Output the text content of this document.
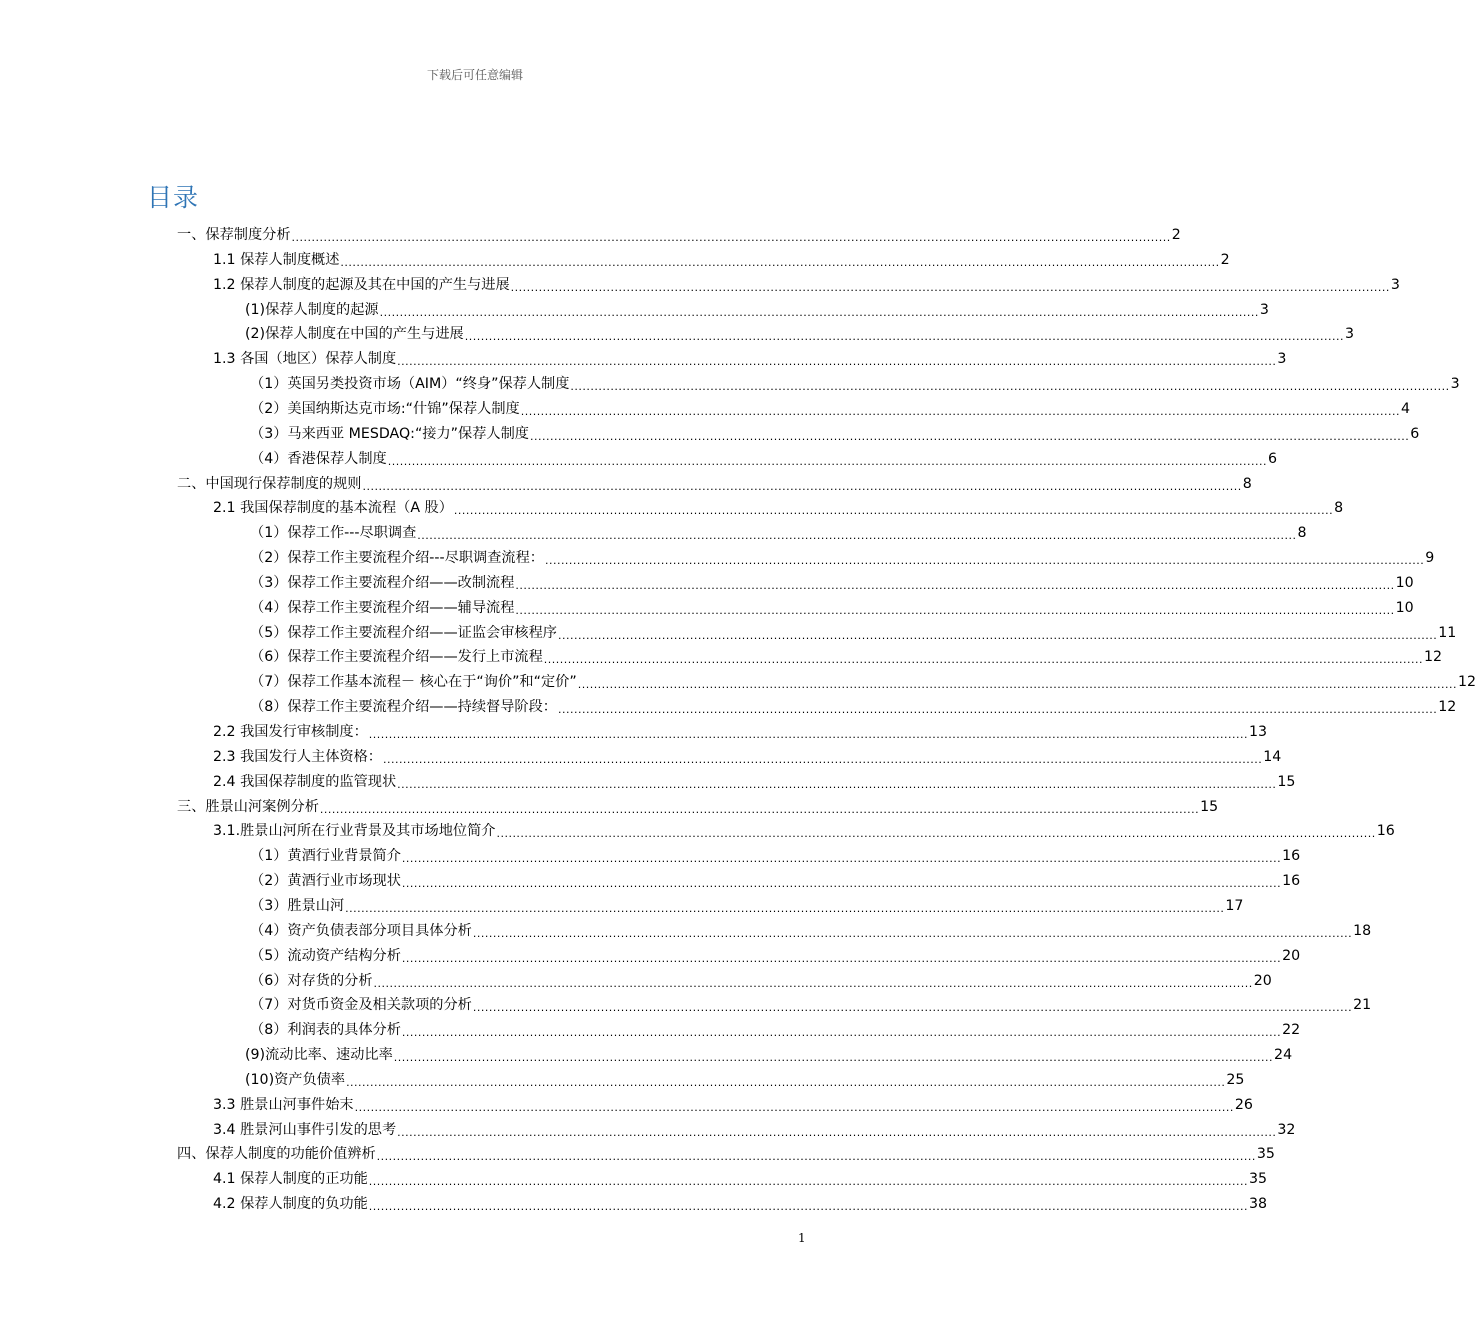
下载后可任意编辑
目录
一、保荐制度分析 ............................................................................................................................................................................................................................ 2
1.1 保荐人制度概述 ............................................................................................................................................................................................................................ 2
1.2 保荐人制度的起源及其在中国的产生与进展 ............................................................................................................................................................................................................................ 3
(1)保荐人制度的起源 ............................................................................................................................................................................................................................ 3
(2)保荐人制度在中国的产生与进展 ............................................................................................................................................................................................................................ 3
1.3 各国（地区）保荐人制度 ............................................................................................................................................................................................................................ 3
（1）英国另类投资市场（AIM）“终身”保荐人制度 ............................................................................................................................................................................................................................ 3
（2）美国纳斯达克市场:“什锦”保荐人制度 ............................................................................................................................................................................................................................ 4
（3）马来西亚 MESDAQ:“接力”保荐人制度 ............................................................................................................................................................................................................................ 6
（4）香港保荐人制度 ............................................................................................................................................................................................................................ 6
二、中国现行保荐制度的规则 ............................................................................................................................................................................................................................ 8
2.1 我国保荐制度的基本流程（A 股） ............................................................................................................................................................................................................................ 8
（1）保荐工作---尽职调查 ............................................................................................................................................................................................................................ 8
（2）保荐工作主要流程介绍---尽职调查流程： ............................................................................................................................................................................................................................ 9
（3）保荐工作主要流程介绍——改制流程 ............................................................................................................................................................................................................................ 10
（4）保荐工作主要流程介绍——辅导流程 ............................................................................................................................................................................................................................ 10
（5）保荐工作主要流程介绍——证监会审核程序 ............................................................................................................................................................................................................................ 11
（6）保荐工作主要流程介绍——发行上市流程 ............................................................................................................................................................................................................................ 12
（7）保荐工作基本流程－ 核心在于“询价”和“定价” ............................................................................................................................................................................................................................ 12
（8）保荐工作主要流程介绍——持续督导阶段： ............................................................................................................................................................................................................................ 12
2.2 我国发行审核制度： ............................................................................................................................................................................................................................ 13
2.3 我国发行人主体资格： ............................................................................................................................................................................................................................ 14
2.4 我国保荐制度的监管现状 ............................................................................................................................................................................................................................ 15
三、胜景山河案例分析 ............................................................................................................................................................................................................................ 15
3.1.胜景山河所在行业背景及其市场地位简介 ............................................................................................................................................................................................................................ 16
（1）黄酒行业背景简介 ............................................................................................................................................................................................................................ 16
（2）黄酒行业市场现状 ............................................................................................................................................................................................................................ 16
（3）胜景山河 ............................................................................................................................................................................................................................ 17
（4）资产负债表部分项目具体分析 ............................................................................................................................................................................................................................ 18
（5）流动资产结构分析 ............................................................................................................................................................................................................................ 20
（6）对存货的分析 ............................................................................................................................................................................................................................ 20
（7）对货币资金及相关款项的分析 ............................................................................................................................................................................................................................ 21
（8）利润表的具体分析 ............................................................................................................................................................................................................................ 22
(9)流动比率、速动比率 ............................................................................................................................................................................................................................ 24
(10)资产负债率 ............................................................................................................................................................................................................................ 25
3.3 胜景山河事件始末 ............................................................................................................................................................................................................................ 26
3.4 胜景河山事件引发的思考 ............................................................................................................................................................................................................................ 32
四、保荐人制度的功能价值辨析 ............................................................................................................................................................................................................................ 35
4.1 保荐人制度的正功能 ............................................................................................................................................................................................................................ 35
4.2 保荐人制度的负功能 ............................................................................................................................................................................................................................ 38
1
